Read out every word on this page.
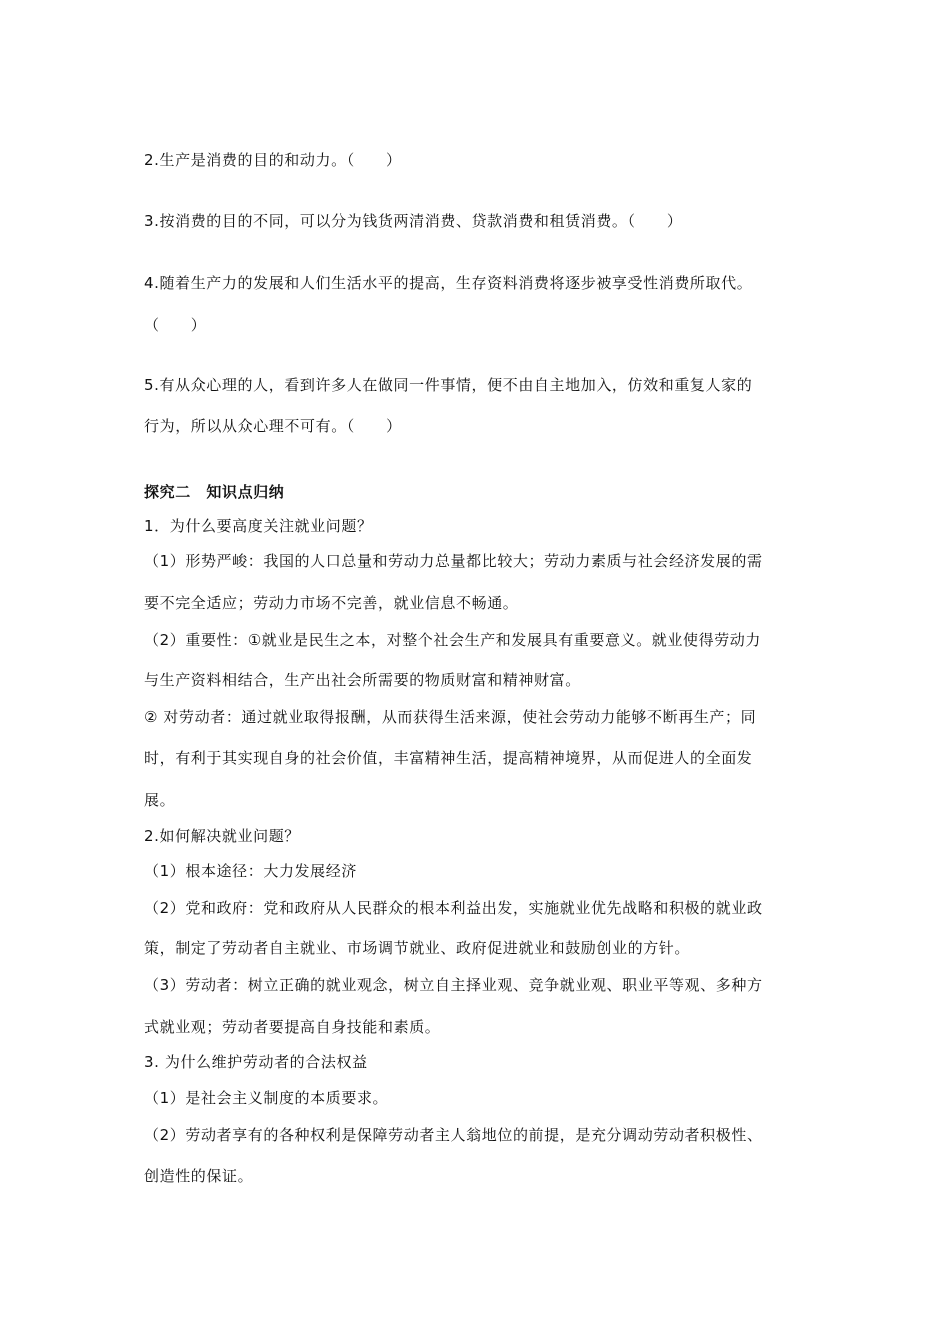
2.生产是消费的目的和动力。（　　）
3.按消费的目的不同，可以分为钱货两清消费、贷款消费和租赁消费。（　　）
4.随着生产力的发展和人们生活水平的提高，生存资料消费将逐步被享受性消费所取代。
（　　）
5.有从众心理的人，看到许多人在做同一件事情，便不由自主地加入，仿效和重复人家的
行为，所以从众心理不可有。（　　）
探究二　知识点归纳
1．为什么要高度关注就业问题？
（1）形势严峻：我国的人口总量和劳动力总量都比较大；劳动力素质与社会经济发展的需
要不完全适应；劳动力市场不完善，就业信息不畅通。
（2）重要性：①就业是民生之本，对整个社会生产和发展具有重要意义。就业使得劳动力
与生产资料相结合，生产出社会所需要的物质财富和精神财富。
② 对劳动者：通过就业取得报酬，从而获得生活来源，使社会劳动力能够不断再生产；同
时，有利于其实现自身的社会价值，丰富精神生活，提高精神境界，从而促进人的全面发
展。
2.如何解决就业问题？
（1）根本途径：大力发展经济
（2）党和政府：党和政府从人民群众的根本利益出发，实施就业优先战略和积极的就业政
策，制定了劳动者自主就业、市场调节就业、政府促进就业和鼓励创业的方针。
（3）劳动者：树立正确的就业观念，树立自主择业观、竞争就业观、职业平等观、多种方
式就业观；劳动者要提高自身技能和素质。
3. 为什么维护劳动者的合法权益
（1）是社会主义制度的本质要求。
（2）劳动者享有的各种权利是保障劳动者主人翁地位的前提，是充分调动劳动者积极性、
创造性的保证。
